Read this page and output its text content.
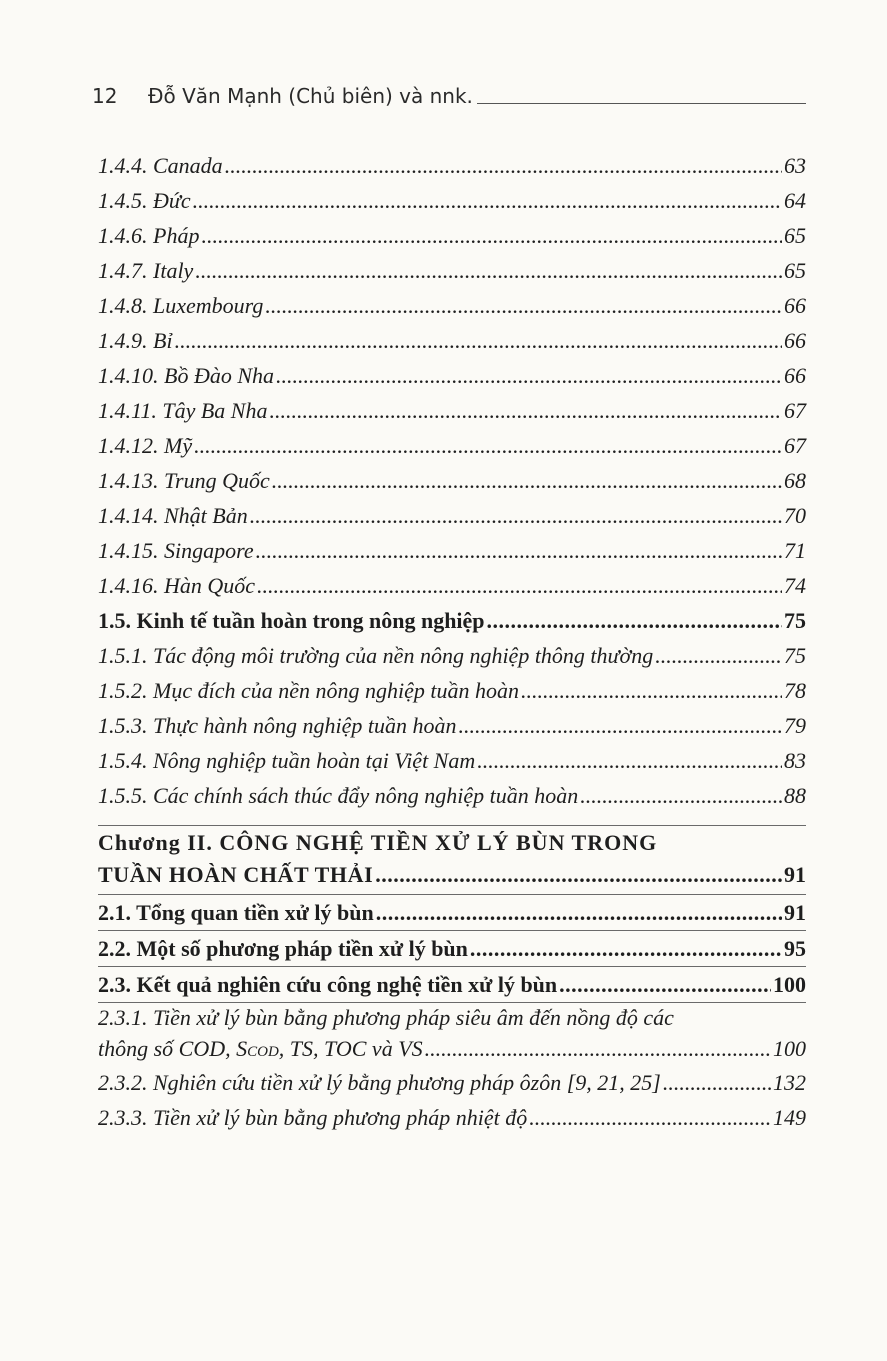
12	Đỗ Văn Mạnh (Chủ biên) và nnk.
1.4.4. Canada .....	63
1.4.5. Đức .....	64
1.4.6. Pháp .....	65
1.4.7. Italy .....	65
1.4.8. Luxembourg .....	66
1.4.9. Bỉ .....	66
1.4.10. Bồ Đào Nha .....	66
1.4.11. Tây Ba Nha .....	67
1.4.12. Mỹ .....	67
1.4.13. Trung Quốc .....	68
1.4.14. Nhật Bản .....	70
1.4.15. Singapore .....	71
1.4.16. Hàn Quốc .....	74
1.5. Kinh tế tuần hoàn trong nông nghiệp .....	75
1.5.1. Tác động môi trường của nền nông nghiệp thông thường .....	75
1.5.2. Mục đích của nền nông nghiệp tuần hoàn .....	78
1.5.3. Thực hành nông nghiệp tuần hoàn .....	79
1.5.4. Nông nghiệp tuần hoàn tại Việt Nam .....	83
1.5.5. Các chính sách thúc đẩy nông nghiệp tuần hoàn .....	88
Chương II. CÔNG NGHỆ TIỀN XỬ LÝ BÙN TRONG
TUẦN HOÀN CHẤT THẢI .....	91
2.1. Tổng quan tiền xử lý bùn .....	91
2.2. Một số phương pháp tiền xử lý bùn .....	95
2.3. Kết quả nghiên cứu công nghệ tiền xử lý bùn .....	100
2.3.1. Tiền xử lý bùn bằng phương pháp siêu âm đến nồng độ các
thông số COD, SCOD, TS, TOC và VS .....	100
2.3.2. Nghiên cứu tiền xử lý bằng phương pháp ôzôn [9, 21, 25] .....	132
2.3.3. Tiền xử lý bùn bằng phương pháp nhiệt độ .....	149
